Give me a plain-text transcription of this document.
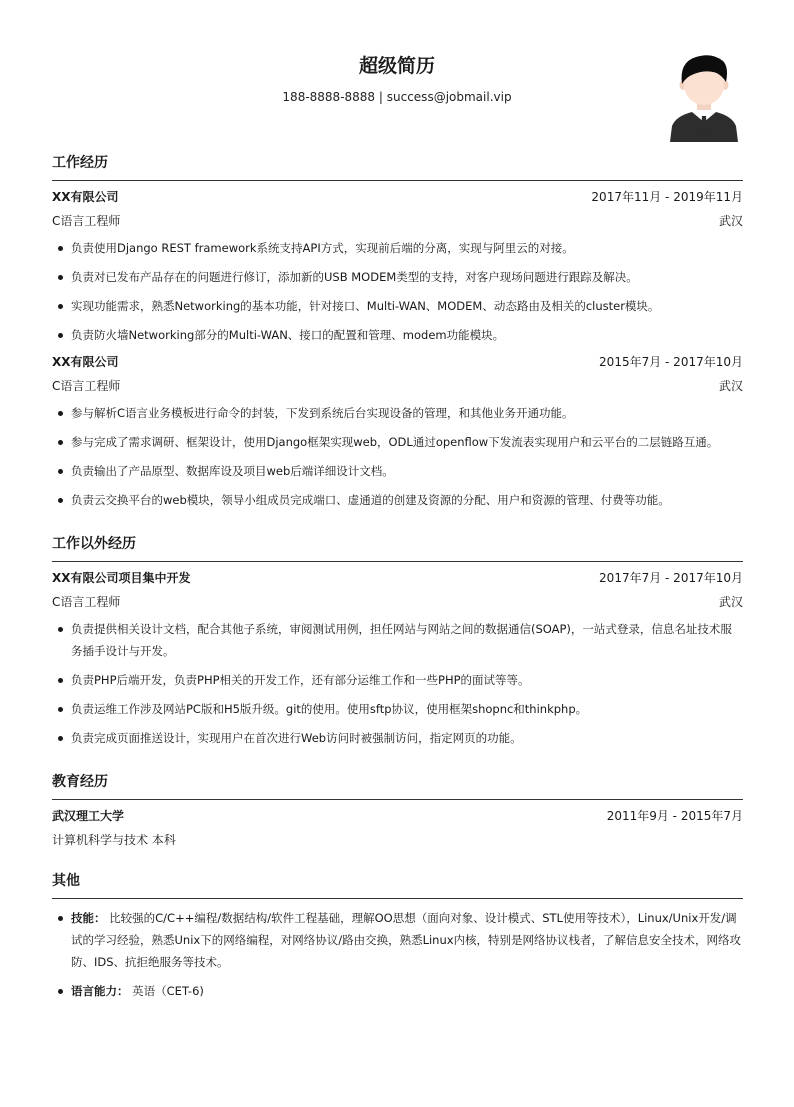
超级简历
188-8888-8888 | success@jobmail.vip
工作经历
XX有限公司	2017年11月 - 2019年11月
C语言工程师	武汉
负责使用Django REST framework系统支持API方式，实现前后端的分离，实现与阿里云的对接。
负责对已发布产品存在的问题进行修订，添加新的USB MODEM类型的支持，对客户现场问题进行跟踪及解决。
实现功能需求，熟悉Networking的基本功能，针对接口、Multi-WAN、MODEM、动态路由及相关的cluster模块。
负责防火墙Networking部分的Multi-WAN、接口的配置和管理、modem功能模块。
XX有限公司	2015年7月 - 2017年10月
C语言工程师	武汉
参与解析C语言业务模板进行命令的封装，下发到系统后台实现设备的管理，和其他业务开通功能。
参与完成了需求调研、框架设计，使用Django框架实现web，ODL通过openflow下发流表实现用户和云平台的二层链路互通。
负责输出了产品原型、数据库设及项目web后端详细设计文档。
负责云交换平台的web模块，领导小组成员完成端口、虚通道的创建及资源的分配、用户和资源的管理、付费等功能。
工作以外经历
XX有限公司项目集中开发	2017年7月 - 2017年10月
C语言工程师	武汉
负责提供相关设计文档，配合其他子系统，审阅测试用例，担任网站与网站之间的数据通信(SOAP)，一站式登录，信息名址技术服务插手设计与开发。
负责PHP后端开发，负责PHP相关的开发工作，还有部分运维工作和一些PHP的面试等等。
负责运维工作涉及网站PC版和H5版升级。git的使用。使用sftp协议，使用框架shopnc和thinkphp。
负责完成页面推送设计，实现用户在首次进行Web访问时被强制访问，指定网页的功能。
教育经历
武汉理工大学	2011年9月 - 2015年7月
计算机科学与技术 本科
其他
技能： 比较强的C/C++编程/数据结构/软件工程基础，理解OO思想（面向对象、设计模式、STL使用等技术），Linux/Unix开发/调试的学习经验，熟悉Unix下的网络编程，对网络协议/路由交换，熟悉Linux内核，特别是网络协议栈者，了解信息安全技术，网络攻防、IDS、抗拒绝服务等技术。
语言能力： 英语（CET-6)
